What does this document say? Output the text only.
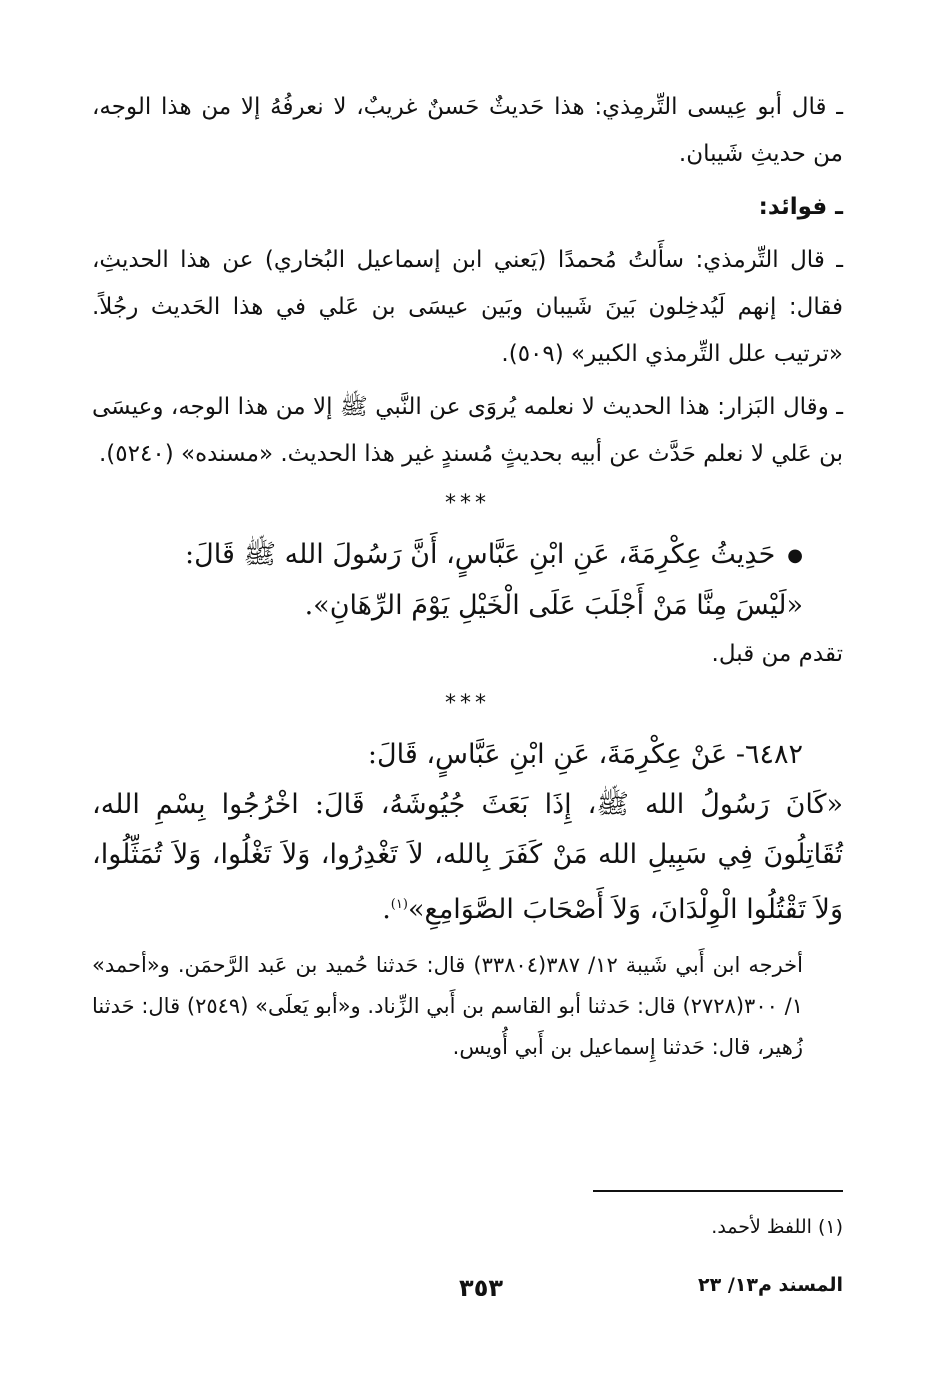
ـ قال أبو عِيسى التِّرمِذي: هذا حَديثٌ حَسنٌ غريبٌ، لا نعرفُهُ إلا من هذا الوجه، من حديثِ شَيبان.

ـ فوائد:

ـ قال التِّرمذي: سأَلتُ مُحمدًا (يَعني ابن إسماعيل البُخاري) عن هذا الحديثِ، فقال: إنهم لَيُدخِلون بَينَ شَيبان وبَين عيسَى بن عَلي في هذا الحَديث رجُلاً. «ترتيب علل التِّرمذي الكبير» (٥٠٩).

ـ وقال البَزار: هذا الحديث لا نعلمه يُروَى عن النَّبي ﷺ إلا من هذا الوجه، وعيسَى بن عَلي لا نعلم حَدَّث عن أبيه بحديثٍ مُسندٍ غير هذا الحديث. «مسنده» (٥٢٤٠).

***

●حَدِيثُ عِكْرِمَةَ، عَنِ ابْنِ عَبَّاسٍ، أَنَّ رَسُولَ الله ﷺ قَالَ:

«لَيْسَ مِنَّا مَنْ أَجْلَبَ عَلَى الْخَيْلِ يَوْمَ الرِّهَانِ».

تقدم من قبل.

***

٦٤٨٢- عَنْ عِكْرِمَةَ، عَنِ ابْنِ عَبَّاسٍ، قَالَ:

«كَانَ رَسُولُ الله ﷺ، إِذَا بَعَثَ جُيُوشَهُ، قَالَ: اخْرُجُوا بِسْمِ الله، تُقَاتِلُونَ فِي سَبِيلِ الله مَنْ كَفَرَ بِالله، لاَ تَغْدِرُوا، وَلاَ تَغْلُوا، وَلاَ تُمَثِّلُوا، وَلاَ تَقْتُلُوا الْوِلْدَانَ، وَلاَ أَصْحَابَ الصَّوَامِعِ»$^{(١)}$.

أخرجه ابن أَبي شَيبة ١٢/ ٣٨٧(٣٣٨٠٤) قال: حَدثنا حُميد بن عَبد الرَّحمَن. و«أحمد» ١/ ٣٠٠(٢٧٢٨) قال: حَدثنا أبو القاسم بن أَبي الزِّناد. و«أبو يَعلَى» (٢٥٤٩) قال: حَدثنا زُهير، قال: حَدثنا إِسماعيل بن أَبي أُويس.

(١) اللفظ لأحمد.
المسند م١٣/ ٢٣
٣٥٣
